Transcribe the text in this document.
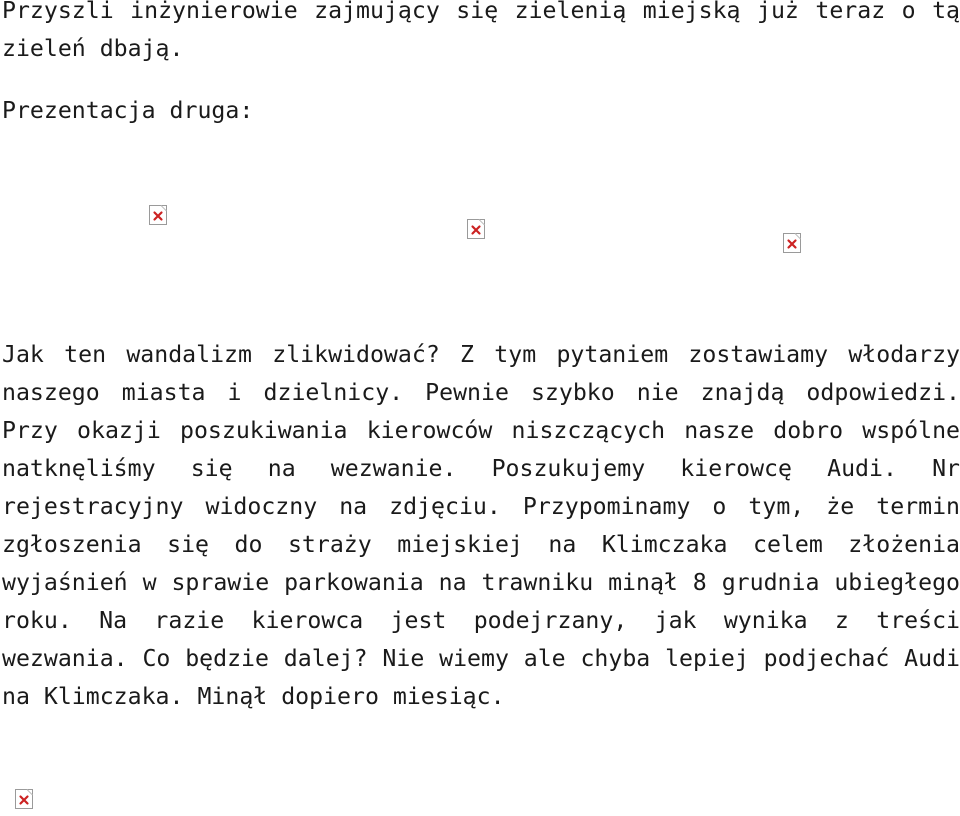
Przyszli inżynierowie zajmujący się zielenią miejską już teraz o tą zieleń dbają.

Prezentacja druga:

Jak ten wandalizm zlikwidować? Z tym pytaniem zostawiamy włodarzy naszego miasta i dzielnicy. Pewnie szybko nie znajdą odpowiedzi. Przy okazji poszukiwania kierowców niszczących nasze dobro wspólne natknęliśmy się na wezwanie. Poszukujemy kierowcę Audi. Nr rejestracyjny widoczny na zdjęciu. Przypominamy o tym, że termin zgłoszenia się do straży miejskiej na Klimczaka celem złożenia wyjaśnień w sprawie parkowania na trawniku minął 8 grudnia ubiegłego roku. Na razie kierowca jest podejrzany, jak wynika z treści wezwania. Co będzie dalej? Nie wiemy ale chyba lepiej podjechać Audi na Klimczaka. Minął dopiero miesiąc.
